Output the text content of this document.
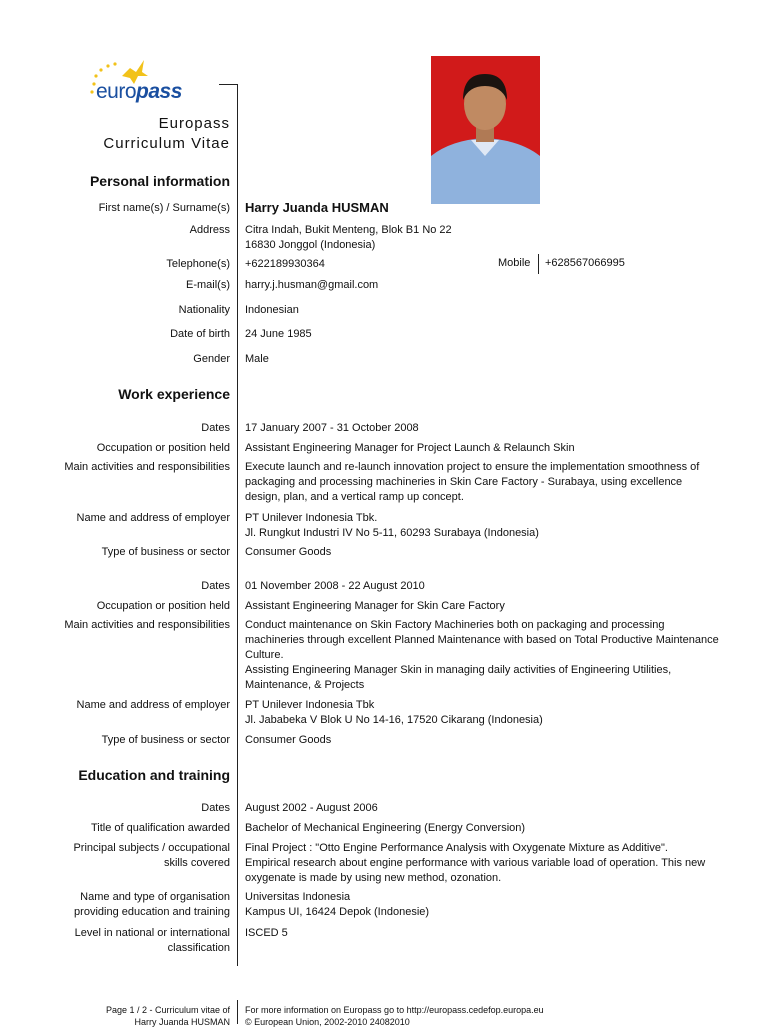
europass
Europass
Curriculum Vitae
Personal information
First name(s) / Surname(s) Harry Juanda HUSMAN
Address Citra Indah, Bukit Menteng, Blok B1 No 22
16830 Jonggol (Indonesia)
Telephone(s) +622189930364	Mobile +628567066995
E-mail(s) harry.j.husman@gmail.com
Nationality Indonesian
Date of birth 24 June 1985
Gender Male
Work experience
Dates 17 January 2007 - 31 October 2008
Occupation or position held Assistant Engineering Manager for Project Launch & Relaunch Skin
Main activities and responsibilities Execute launch and re-launch innovation project to ensure the implementation smoothness of packaging and processing machineries in Skin Care Factory - Surabaya, using excellence design, plan, and a vertical ramp up concept.
Name and address of employer PT Unilever Indonesia Tbk.
Jl. Rungkut Industri IV No 5-11, 60293 Surabaya (Indonesia)
Type of business or sector Consumer Goods
Dates 01 November 2008 - 22 August 2010
Occupation or position held Assistant Engineering Manager for Skin Care Factory
Main activities and responsibilities Conduct maintenance on Skin Factory Machineries both on packaging and processing machineries through excellent Planned Maintenance with based on Total Productive Maintenance Culture.
Assisting Engineering Manager Skin in managing daily activities of Engineering Utilities, Maintenance, & Projects
Name and address of employer PT Unilever Indonesia Tbk
Jl. Jababeka V Blok U No 14-16, 17520 Cikarang (Indonesia)
Type of business or sector Consumer Goods
Education and training
Dates August 2002 - August 2006
Title of qualification awarded Bachelor of Mechanical Engineering (Energy Conversion)
Principal subjects / occupational skills covered
Final Project : "Otto Engine Performance Analysis with Oxygenate Mixture as Additive". Empirical research about engine performance with various variable load of operation. This new oxygenate is made by using new method, ozonation.
Name and type of organisation providing education and training
Universitas Indonesia
Kampus UI, 16424 Depok (Indonesie)
Level in national or international classification
ISCED 5
Page 1 / 2 - Curriculum vitae of
Harry Juanda HUSMAN
For more information on Europass go to http://europass.cedefop.europa.eu
© European Union, 2002-2010 24082010
